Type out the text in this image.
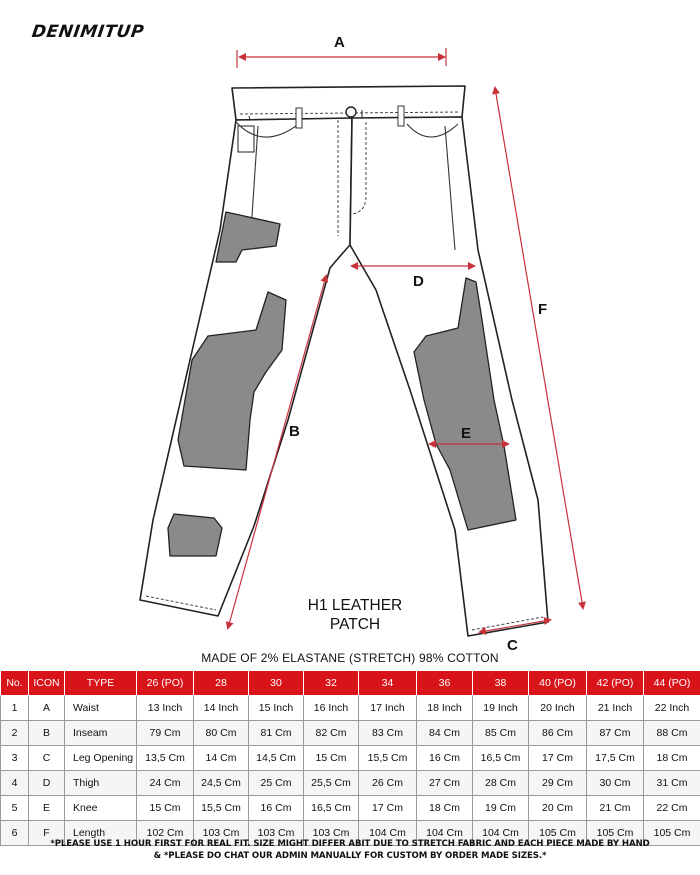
DENIMITUP
A
B
C
D
E
F
H1 LEATHER
PATCH
MADE OF 2% ELASTANE (STRETCH) 98% COTTON
No.	ICON	TYPE	26 (PO)	28	30	32	34	36	38	40 (PO)	42 (PO)	44 (PO)
1	A	Waist	13 Inch	14 Inch	15 Inch	16 Inch	17 Inch	18 Inch	19 Inch	20 Inch	21 Inch	22 Inch
2	B	Inseam	79 Cm	80 Cm	81 Cm	82 Cm	83 Cm	84 Cm	85 Cm	86 Cm	87 Cm	88 Cm
3	C	Leg Opening	13,5 Cm	14 Cm	14,5 Cm	15 Cm	15,5 Cm	16 Cm	16,5 Cm	17 Cm	17,5 Cm	18 Cm
4	D	Thigh	24 Cm	24,5 Cm	25 Cm	25,5 Cm	26 Cm	27 Cm	28 Cm	29 Cm	30 Cm	31 Cm
5	E	Knee	15 Cm	15,5 Cm	16 Cm	16,5 Cm	17 Cm	18 Cm	19 Cm	20 Cm	21 Cm	22 Cm
6	F	Length	102 Cm	103 Cm	103 Cm	103 Cm	104 Cm	104 Cm	104 Cm	105 Cm	105 Cm	105 Cm
*PLEASE USE 1 HOUR FIRST FOR REAL FIT. SIZE MIGHT DIFFER ABIT DUE TO STRETCH FABRIC AND EACH PIECE MADE BY HAND
& *PLEASE DO CHAT OUR ADMIN MANUALLY FOR CUSTOM BY ORDER MADE SIZES.*
